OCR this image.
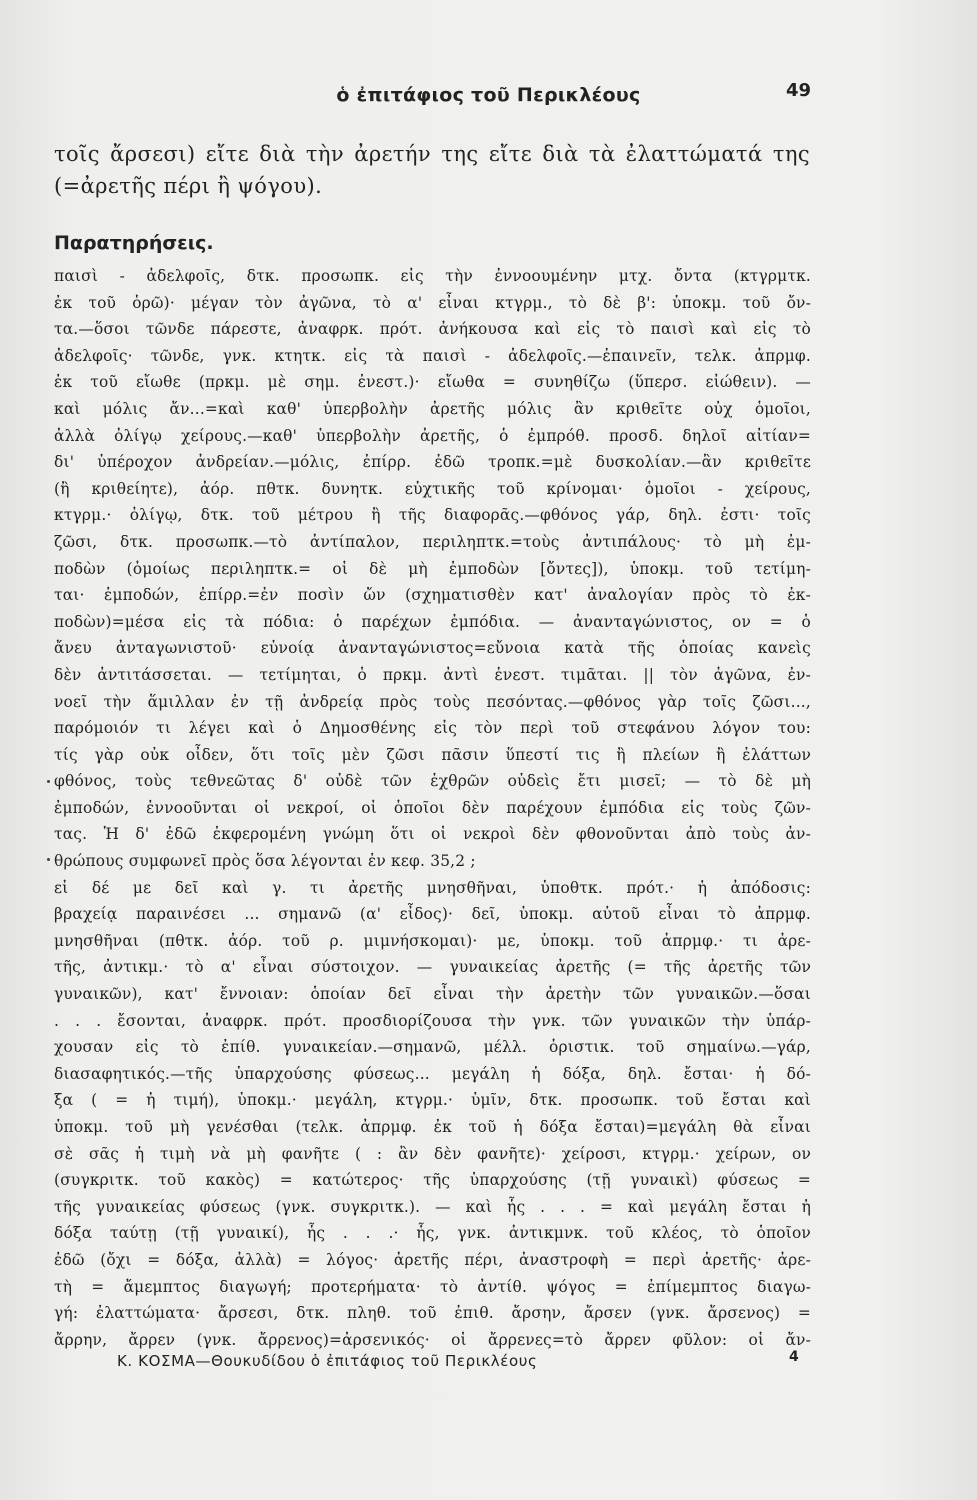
ὁ ἐπιτάφιος τοῦ Περικλέους	49
τοῖς ἄρσεσι) εἴτε διὰ τὴν ἀρετήν της εἴτε διὰ τὰ ἐλαττώματά της
(=ἀρετῆς πέρι ἢ ψόγου).
Παρατηρήσεις.
παισὶ - ἀδελφοῖς, δτκ. προσωπκ. εἰς τὴν ἐννοουμένην μτχ. ὄντα (κτγρμτκ.
ἐκ τοῦ ὁρῶ)· μέγαν τὸν ἀγῶνα, τὸ α' εἶναι κτγρμ., τὸ δὲ β': ὑποκμ. τοῦ ὄν-
τα.—ὅσοι τῶνδε πάρεστε, ἀναφρκ. πρότ. ἀνήκουσα καὶ εἰς τὸ παισὶ καὶ εἰς τὸ
ἀδελφοῖς· τῶνδε, γνκ. κτητκ. εἰς τὰ παισὶ - ἀδελφοῖς.—ἐπαινεῖν, τελκ. ἀπρμφ.
ἐκ τοῦ εἴωθε (πρκμ. μὲ σημ. ἐνεστ.)· εἴωθα = συνηθίζω (ὕπερσ. εἰώθειν). —
καὶ μόλις ἄν...=καὶ καθ' ὑπερβολὴν ἀρετῆς μόλις ἂν κριθεῖτε οὐχ ὁμοῖοι,
ἀλλὰ ὀλίγῳ χείρους.—καθ' ὑπερβολὴν ἀρετῆς, ὁ ἐμπρόθ. προσδ. δηλοῖ αἰτίαν=
δι' ὑπέροχον ἀνδρείαν.—μόλις, ἐπίρρ. ἐδῶ τροπκ.=μὲ δυσκολίαν.—ἂν κριθεῖτε
(ἢ κριθείητε), ἀόρ. πθτκ. δυνητκ. εὐχτικῆς τοῦ κρίνομαι· ὁμοῖοι - χείρους,
κτγρμ.· ὀλίγῳ, δτκ. τοῦ μέτρου ἢ τῆς διαφορᾶς.—φθόνος γάρ, δηλ. ἐστι· τοῖς
ζῶσι, δτκ. προσωπκ.—τὸ ἀντίπαλον, περιληπτκ.=τοὺς ἀντιπάλους· τὸ μὴ ἐμ-
ποδὼν (ὁμοίως περιληπτκ.= οἱ δὲ μὴ ἐμποδὼν [ὄντες]), ὑποκμ. τοῦ τετίμη-
ται· ἐμποδών, ἐπίρρ.=ἐν ποσὶν ὤν (σχηματισθὲν κατ' ἀναλογίαν πρὸς τὸ ἐκ-
ποδὼν)=μέσα εἰς τὰ πόδια: ὁ παρέχων ἐμπόδια. — ἀνανταγώνιστος, ον = ὁ
ἄνευ ἀνταγωνιστοῦ· εὐνοίᾳ ἀνανταγώνιστος=εὔνοια κατὰ τῆς ὁποίας κανεὶς
δὲν ἀντιτάσσεται. — τετίμηται, ὁ πρκμ. ἀντὶ ἐνεστ. τιμᾶται. || τὸν ἀγῶνα, ἐν-
νοεῖ τὴν ἅμιλλαν ἐν τῇ ἀνδρείᾳ πρὸς τοὺς πεσόντας.—φθόνος γὰρ τοῖς ζῶσι...,
παρόμοιόν τι λέγει καὶ ὁ Δημοσθένης εἰς τὸν περὶ τοῦ στεφάνου λόγον του:
τίς γὰρ οὐκ οἶδεν, ὅτι τοῖς μὲν ζῶσι πᾶσιν ὕπεστί τις ἢ πλείων ἢ ἐλάττων
φθόνος, τοὺς τεθνεῶτας δ' οὐδὲ τῶν ἐχθρῶν οὐδεὶς ἔτι μισεῖ; — τὸ δὲ μὴ
ἐμποδών, ἐννοοῦνται οἱ νεκροί, οἱ ὁποῖοι δὲν παρέχουν ἐμπόδια εἰς τοὺς ζῶν-
τας. Ἡ δ' ἐδῶ ἐκφερομένη γνώμη ὅτι οἱ νεκροὶ δὲν φθονοῦνται ἀπὸ τοὺς ἀν-
θρώπους συμφωνεῖ πρὸς ὅσα λέγονται ἐν κεφ. 35,2 ;
εἰ δέ με δεῖ καὶ γ. τι ἀρετῆς μνησθῆναι, ὑποθτκ. πρότ.· ἡ ἀπόδοσις:
βραχείᾳ παραινέσει ... σημανῶ (α' εἶδος)· δεῖ, ὑποκμ. αὐτοῦ εἶναι τὸ ἀπρμφ.
μνησθῆναι (πθτκ. ἀόρ. τοῦ ρ. μιμνήσκομαι)· με, ὑποκμ. τοῦ ἀπρμφ.· τι ἀρε-
τῆς, ἀντικμ.· τὸ α' εἶναι σύστοιχον. — γυναικείας ἀρετῆς (= τῆς ἀρετῆς τῶν
γυναικῶν), κατ' ἔννοιαν: ὁποίαν δεῖ εἶναι τὴν ἀρετὴν τῶν γυναικῶν.—ὅσαι
. . . ἔσονται, ἀναφρκ. πρότ. προσδιορίζουσα τὴν γνκ. τῶν γυναικῶν τὴν ὑπάρ-
χουσαν εἰς τὸ ἐπίθ. γυναικείαν.—σημανῶ, μέλλ. ὁριστικ. τοῦ σημαίνω.—γάρ,
διασαφητικός.—τῆς ὑπαρχούσης φύσεως... μεγάλη ἡ δόξα, δηλ. ἔσται· ἡ δό-
ξα ( = ἡ τιμή), ὑποκμ.· μεγάλη, κτγρμ.· ὑμῖν, δτκ. προσωπκ. τοῦ ἔσται καὶ
ὑποκμ. τοῦ μὴ γενέσθαι (τελκ. ἀπρμφ. ἐκ τοῦ ἡ δόξα ἔσται)=μεγάλη θὰ εἶναι
σὲ σᾶς ἡ τιμὴ νὰ μὴ φανῆτε ( : ἂν δὲν φανῆτε)· χείροσι, κτγρμ.· χείρων, ον
(συγκριτκ. τοῦ κακὸς) = κατώτερος· τῆς ὑπαρχούσης (τῇ γυναικὶ) φύσεως =
τῆς γυναικείας φύσεως (γνκ. συγκριτκ.). — καὶ ἧς . . . = καὶ μεγάλη ἔσται ἡ
δόξα ταύτῃ (τῇ γυναικί), ἧς . . .· ἧς, γνκ. ἀντικμνκ. τοῦ κλέος, τὸ ὁποῖον
ἐδῶ (ὄχι = δόξα, ἀλλὰ) = λόγος· ἀρετῆς πέρι, ἀναστροφὴ = περὶ ἀρετῆς· ἀρε-
τὴ = ἄμεμπτος διαγωγή; προτερήματα· τὸ ἀντίθ. ψόγος = ἐπίμεμπτος διαγω-
γή: ἐλαττώματα· ἄρσεσι, δτκ. πληθ. τοῦ ἐπιθ. ἄρσην, ἄρσεν (γνκ. ἄρσενος) =
ἄρρην, ἄρρεν (γνκ. ἄρρενος)=ἀρσενικός· οἱ ἄρρενες=τὸ ἄρρεν φῦλον: οἱ ἄν-
Κ. ΚΟΣΜΑ—Θουκυδίδου ὁ ἐπιτάφιος τοῦ Περικλέους	4
